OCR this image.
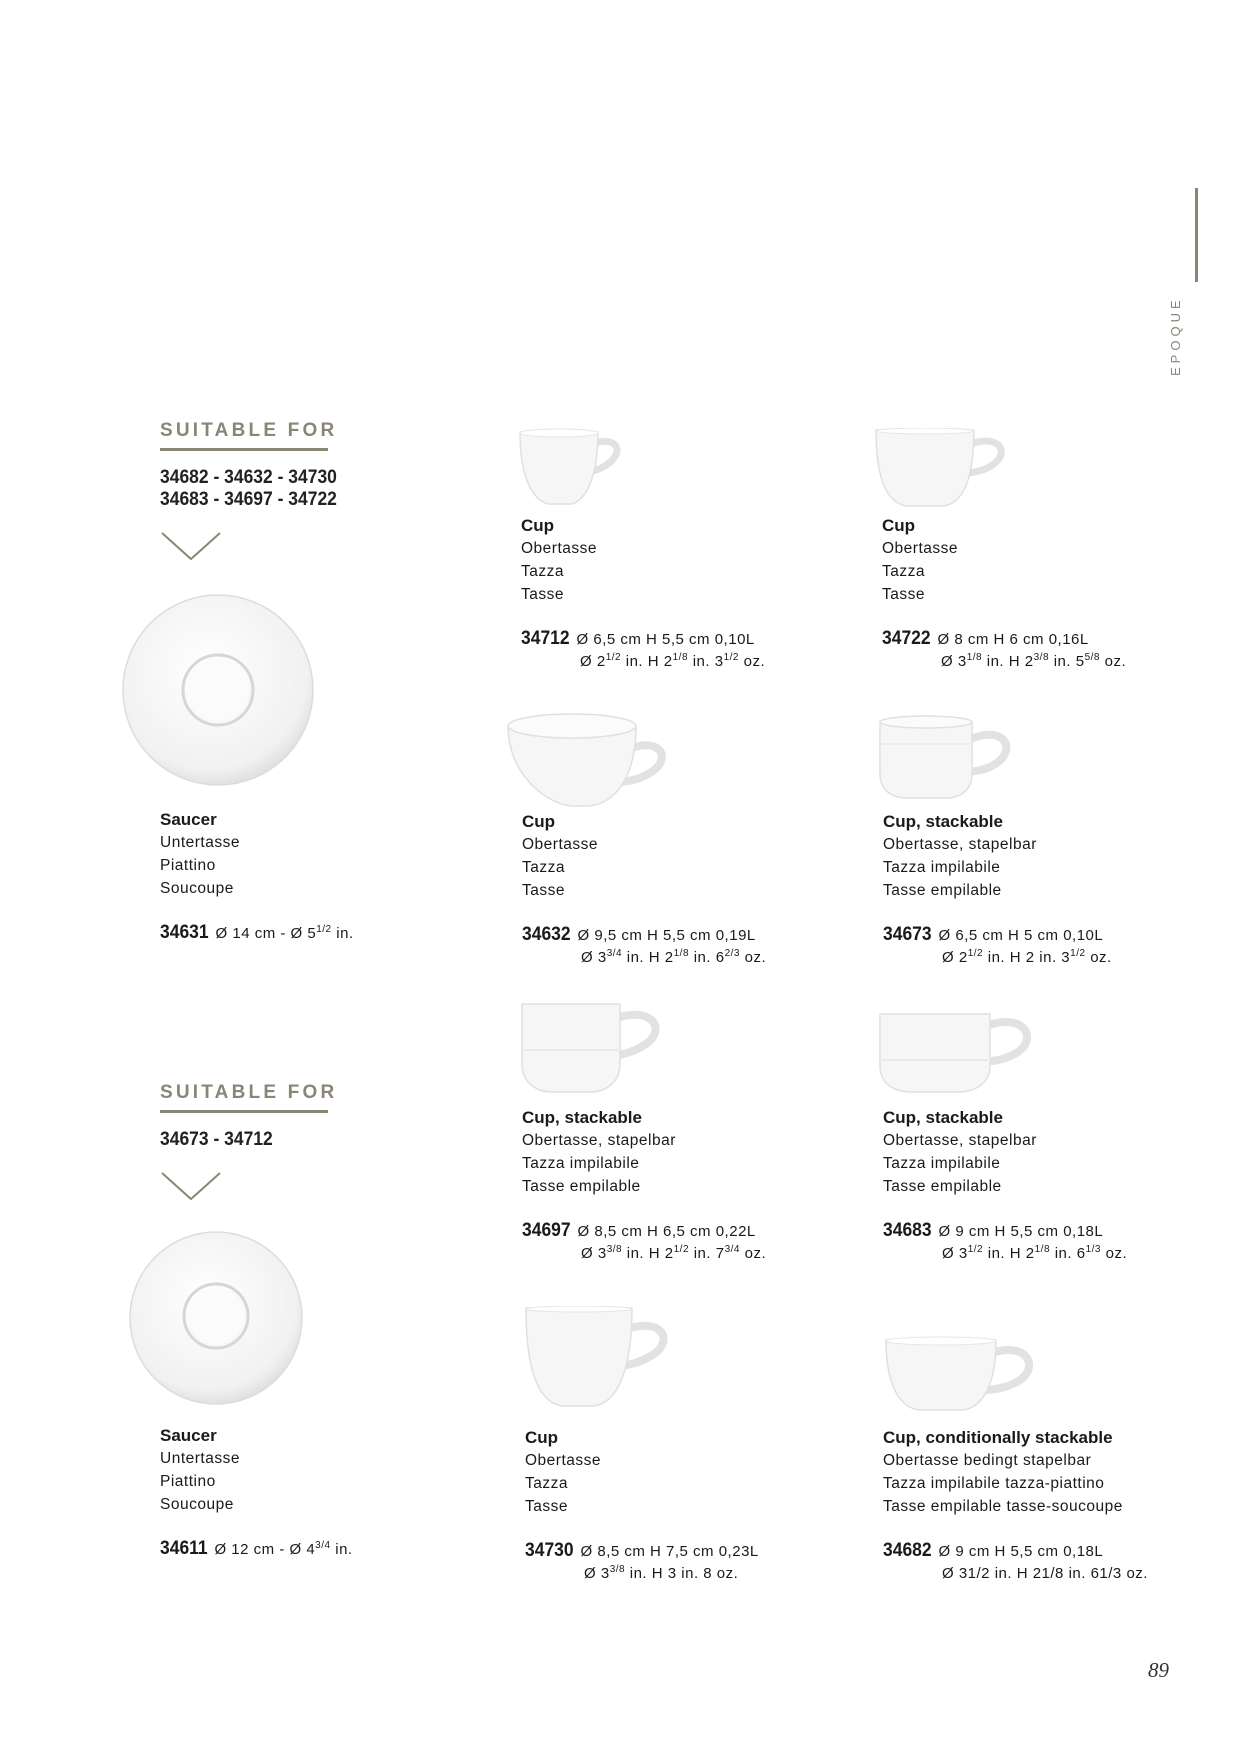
EPOQUE
SUITABLE FOR
34682 - 34632 - 34730
34683 - 34697 - 34722
Saucer
Untertasse
Piattino
Soucoupe
34631 Ø 14 cm - Ø $5^{1/2}$ in.
SUITABLE FOR
34673 - 34712
Saucer
Untertasse
Piattino
Soucoupe
34611 Ø 12 cm - Ø $4^{3/4}$ in.
Cup
Obertasse
Tazza
Tasse
34712 Ø 6,5 cm H 5,5 cm 0,10L
Ø $2^{1/2}$ in. H $2^{1/8}$ in. $3^{1/2}$ oz.
Cup
Obertasse
Tazza
Tasse
34722 Ø 8 cm H 6 cm 0,16L
Ø $3^{1/8}$ in. H $2^{3/8}$ in. $5^{5/8}$ oz.
Cup
Obertasse
Tazza
Tasse
34632 Ø 9,5 cm H 5,5 cm 0,19L
Ø $3^{3/4}$ in. H $2^{1/8}$ in. $6^{2/3}$ oz.
Cup, stackable
Obertasse, stapelbar
Tazza impilabile
Tasse empilable
34673 Ø 6,5 cm H 5 cm 0,10L
Ø $2^{1/2}$ in. H 2 in. $3^{1/2}$ oz.
Cup, stackable
Obertasse, stapelbar
Tazza impilabile
Tasse empilable
34697 Ø 8,5 cm H 6,5 cm 0,22L
Ø $3^{3/8}$ in. H $2^{1/2}$ in. $7^{3/4}$ oz.
Cup, stackable
Obertasse, stapelbar
Tazza impilabile
Tasse empilable
34683 Ø 9 cm H 5,5 cm 0,18L
Ø $3^{1/2}$ in. H $2^{1/8}$ in. $6^{1/3}$ oz.
Cup
Obertasse
Tazza
Tasse
34730 Ø 8,5 cm H 7,5 cm 0,23L
Ø $3^{3/8}$ in. H 3 in. 8 oz.
Cup, conditionally stackable
Obertasse bedingt stapelbar
Tazza impilabile tazza-piattino
Tasse empilable tasse-soucoupe
34682 Ø 9 cm H 5,5 cm 0,18L
Ø 31/2 in. H 21/8 in. 61/3 oz.
89
